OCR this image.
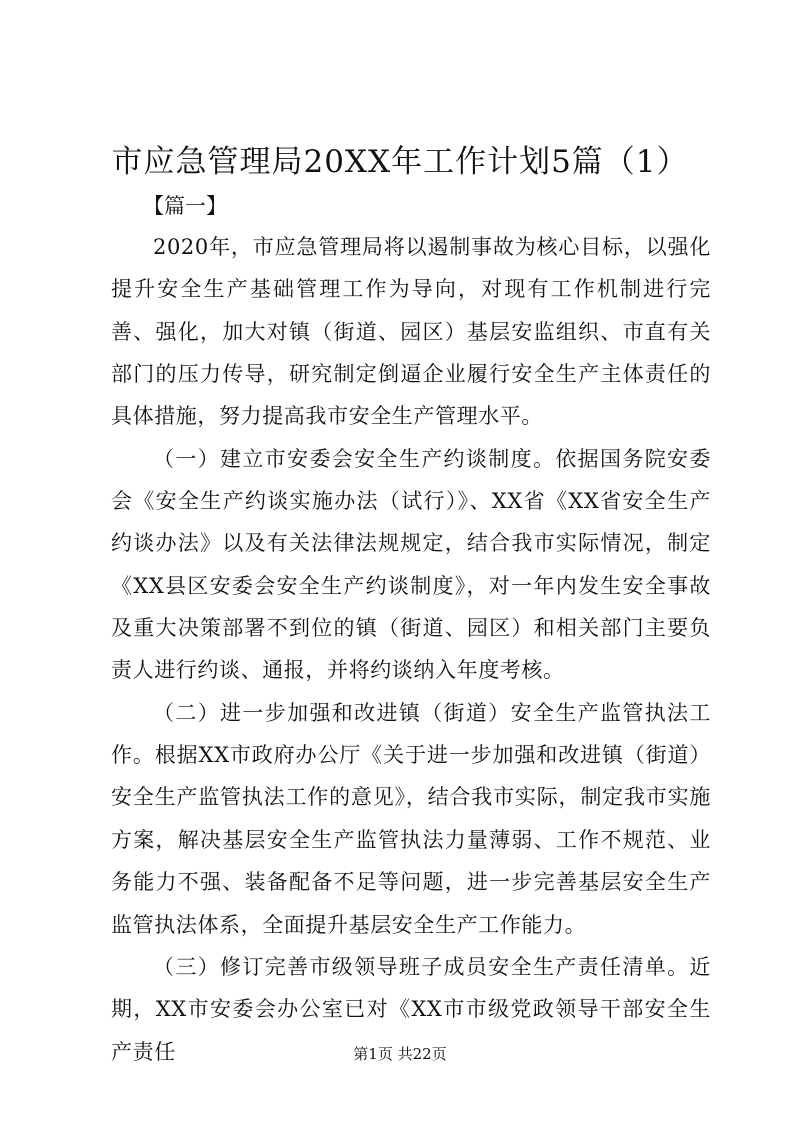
市应急管理局20XX年工作计划5篇（1）

【篇一】

2020年，市应急管理局将以遏制事故为核心目标，以强化提升安全生产基础管理工作为导向，对现有工作机制进行完善、强化，加大对镇（街道、园区）基层安监组织、市直有关部门的压力传导，研究制定倒逼企业履行安全生产主体责任的具体措施，努力提高我市安全生产管理水平。

（一）建立市安委会安全生产约谈制度。依据国务院安委会《安全生产约谈实施办法（试行）》、XX省《XX省安全生产约谈办法》以及有关法律法规规定，结合我市实际情况，制定《XX县区安委会安全生产约谈制度》，对一年内发生安全事故及重大决策部署不到位的镇（街道、园区）和相关部门主要负责人进行约谈、通报，并将约谈纳入年度考核。

（二）进一步加强和改进镇（街道）安全生产监管执法工作。根据XX市政府办公厅《关于进一步加强和改进镇（街道）安全生产监管执法工作的意见》，结合我市实际，制定我市实施方案，解决基层安全生产监管执法力量薄弱、工作不规范、业务能力不强、装备配备不足等问题，进一步完善基层安全生产监管执法体系，全面提升基层安全生产工作能力。

（三）修订完善市级领导班子成员安全生产责任清单。近期，XX市安委会办公室已对《XX市市级党政领导干部安全生产责任	第1页 共22页
